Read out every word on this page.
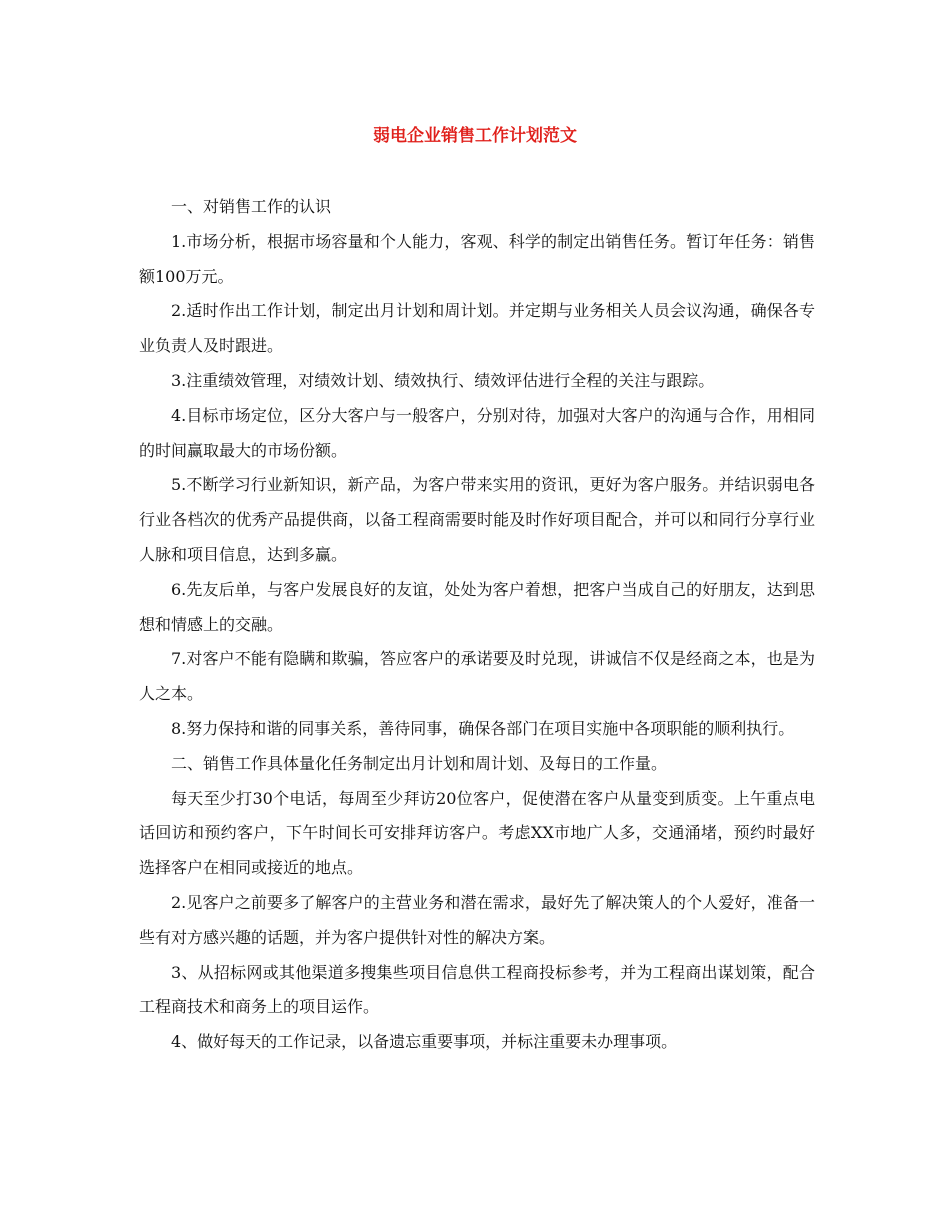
弱电企业销售工作计划范文

一、对销售工作的认识

1.市场分析，根据市场容量和个人能力，客观、科学的制定出销售任务。暂订年任务：销售额100万元。

2.适时作出工作计划，制定出月计划和周计划。并定期与业务相关人员会议沟通，确保各专业负责人及时跟进。

3.注重绩效管理，对绩效计划、绩效执行、绩效评估进行全程的关注与跟踪。

4.目标市场定位，区分大客户与一般客户，分别对待，加强对大客户的沟通与合作，用相同的时间赢取最大的市场份额。

5.不断学习行业新知识，新产品，为客户带来实用的资讯，更好为客户服务。并结识弱电各行业各档次的优秀产品提供商，以备工程商需要时能及时作好项目配合，并可以和同行分享行业人脉和项目信息，达到多赢。

6.先友后单，与客户发展良好的友谊，处处为客户着想，把客户当成自己的好朋友，达到思想和情感上的交融。

7.对客户不能有隐瞒和欺骗，答应客户的承诺要及时兑现，讲诚信不仅是经商之本，也是为人之本。

8.努力保持和谐的同事关系，善待同事，确保各部门在项目实施中各项职能的顺利执行。

二、销售工作具体量化任务制定出月计划和周计划、及每日的工作量。

每天至少打30个电话，每周至少拜访20位客户，促使潜在客户从量变到质变。上午重点电话回访和预约客户，下午时间长可安排拜访客户。考虑XX市地广人多，交通涌堵，预约时最好选择客户在相同或接近的地点。

2.见客户之前要多了解客户的主营业务和潜在需求，最好先了解决策人的个人爱好，准备一些有对方感兴趣的话题，并为客户提供针对性的解决方案。

3、从招标网或其他渠道多搜集些项目信息供工程商投标参考，并为工程商出谋划策，配合工程商技术和商务上的项目运作。

4、做好每天的工作记录，以备遗忘重要事项，并标注重要未办理事项。
